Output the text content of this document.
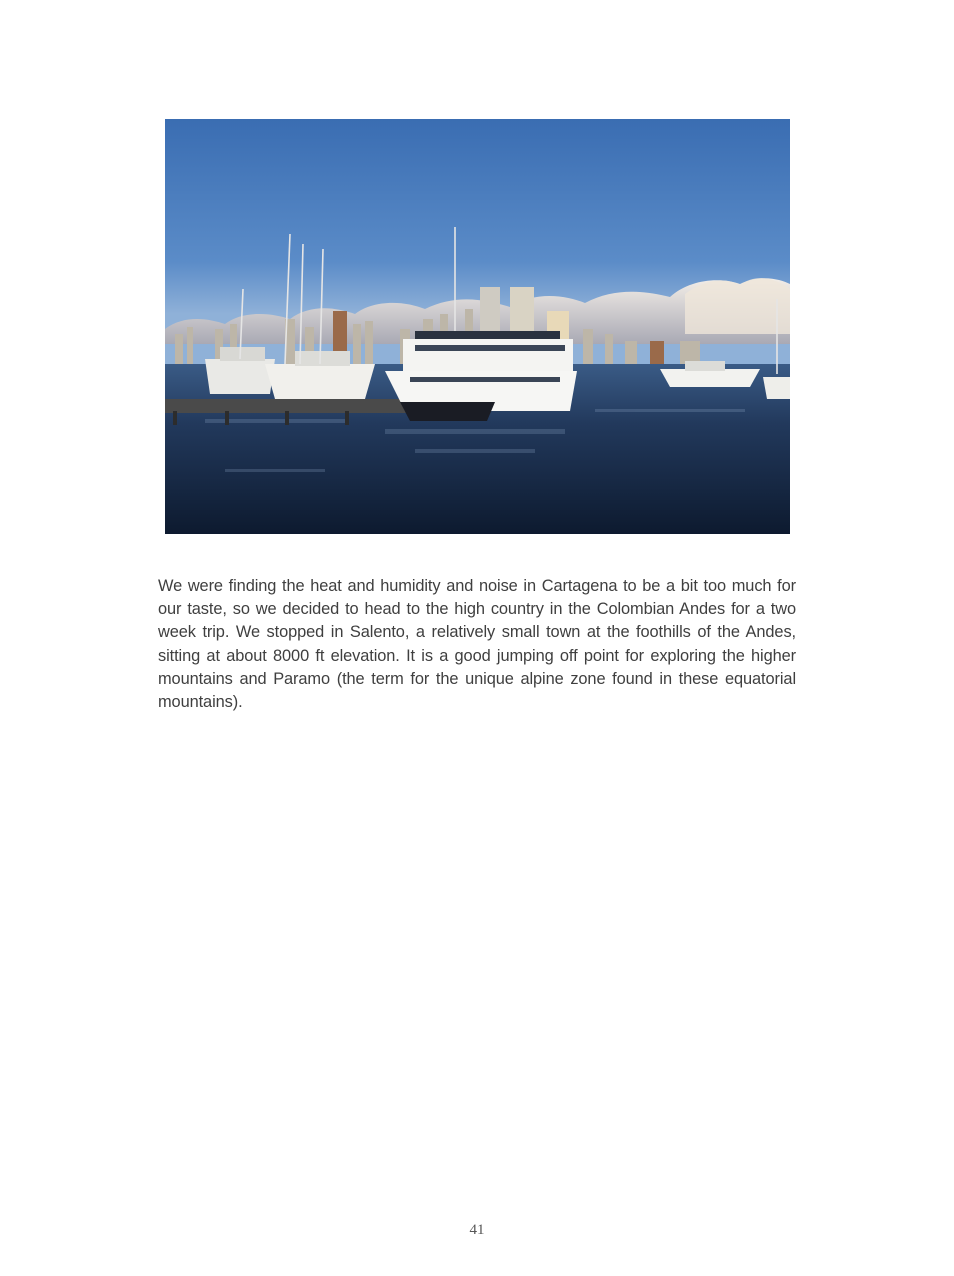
We were finding the heat and humidity and noise in Cartagena to be a bit too much for our taste, so we decided to head to the high country in the Colombian Andes for a two week trip. We stopped in Salento, a relatively small town at the foothills of the Andes, sitting at about 8000 ft elevation. It is a good jumping off point for exploring the higher mountains and Paramo (the term for the unique alpine zone found in these equatorial mountains).

41
